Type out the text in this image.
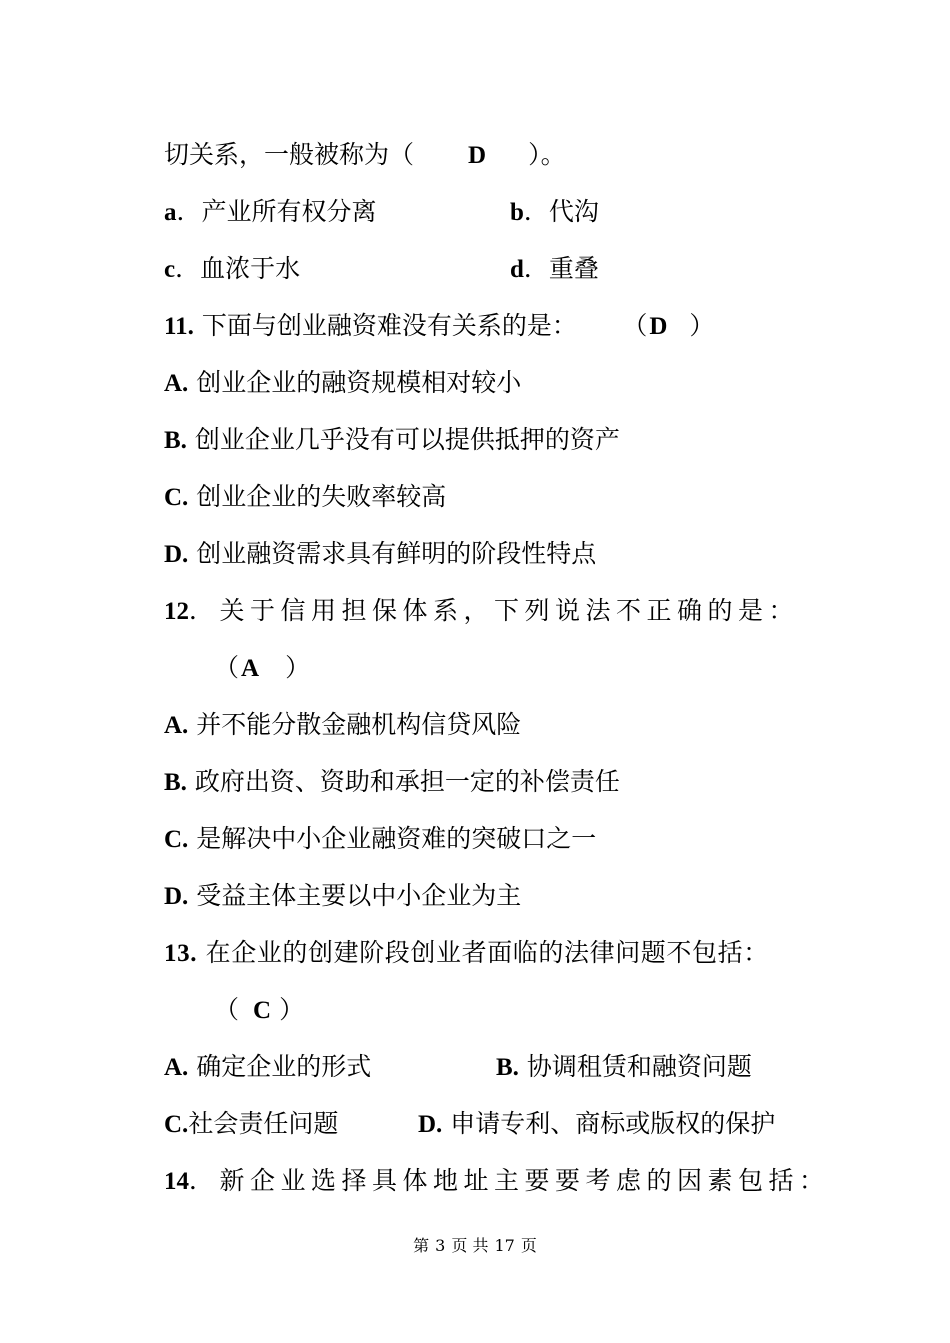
切关系，一般被称为（ D ）。
a．产业所有权分离	b．代沟
c．血浓于水	d．重叠
11. 下面与创业融资难没有关系的是： （D ）
A. 创业企业的融资规模相对较小
B. 创业企业几乎没有可以提供抵押的资产
C. 创业企业的失败率较高
D. 创业融资需求具有鲜明的阶段性特点
12．关于信用担保体系，下列说法不正确的是：
（A ）
A. 并不能分散金融机构信贷风险
B. 政府出资、资助和承担一定的补偿责任
C. 是解决中小企业融资难的突破口之一
D. 受益主体主要以中小企业为主
13. 在企业的创建阶段创业者面临的法律问题不包括：
（ C ）
A. 确定企业的形式	B. 协调租赁和融资问题
C.社会责任问题	D. 申请专利、商标或版权的保护
14．新企业选择具体地址主要要考虑的因素包括：
第 3 页 共 17 页
